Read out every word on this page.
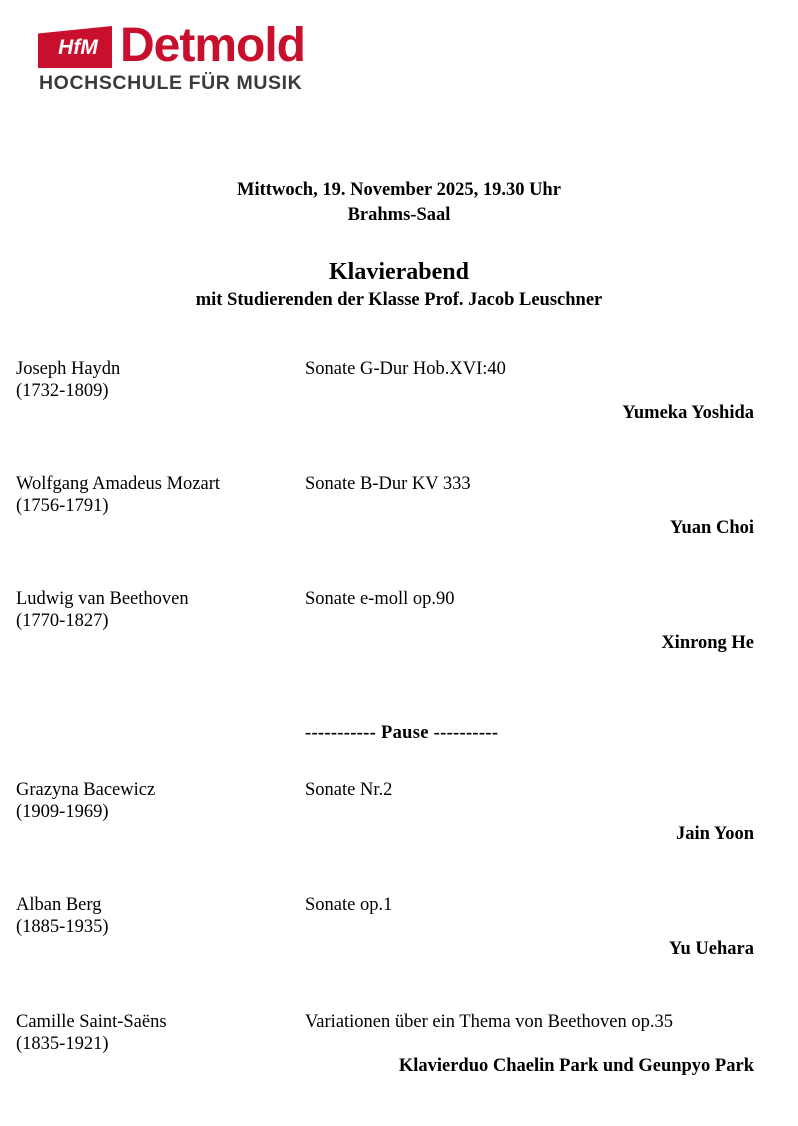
HfM Detmold
HOCHSCHULE FÜR MUSIK
Mittwoch, 19. November 2025, 19.30 Uhr
Brahms-Saal
Klavierabend
mit Studierenden der Klasse Prof. Jacob Leuschner
Joseph Haydn
(1732-1809)
Sonate G-Dur Hob.XVI:40
Yumeka Yoshida
Wolfgang Amadeus Mozart
(1756-1791)
Sonate B-Dur KV 333
Yuan Choi
Ludwig van Beethoven
(1770-1827)
Sonate e-moll op.90
Xinrong He
----------- Pause ----------
Grazyna Bacewicz
(1909-1969)
Sonate Nr.2
Jain Yoon
Alban Berg
(1885-1935)
Sonate op.1
Yu Uehara
Camille Saint-Saëns
(1835-1921)
Variationen über ein Thema von Beethoven op.35
Klavierduo Chaelin Park und Geunpyo Park
